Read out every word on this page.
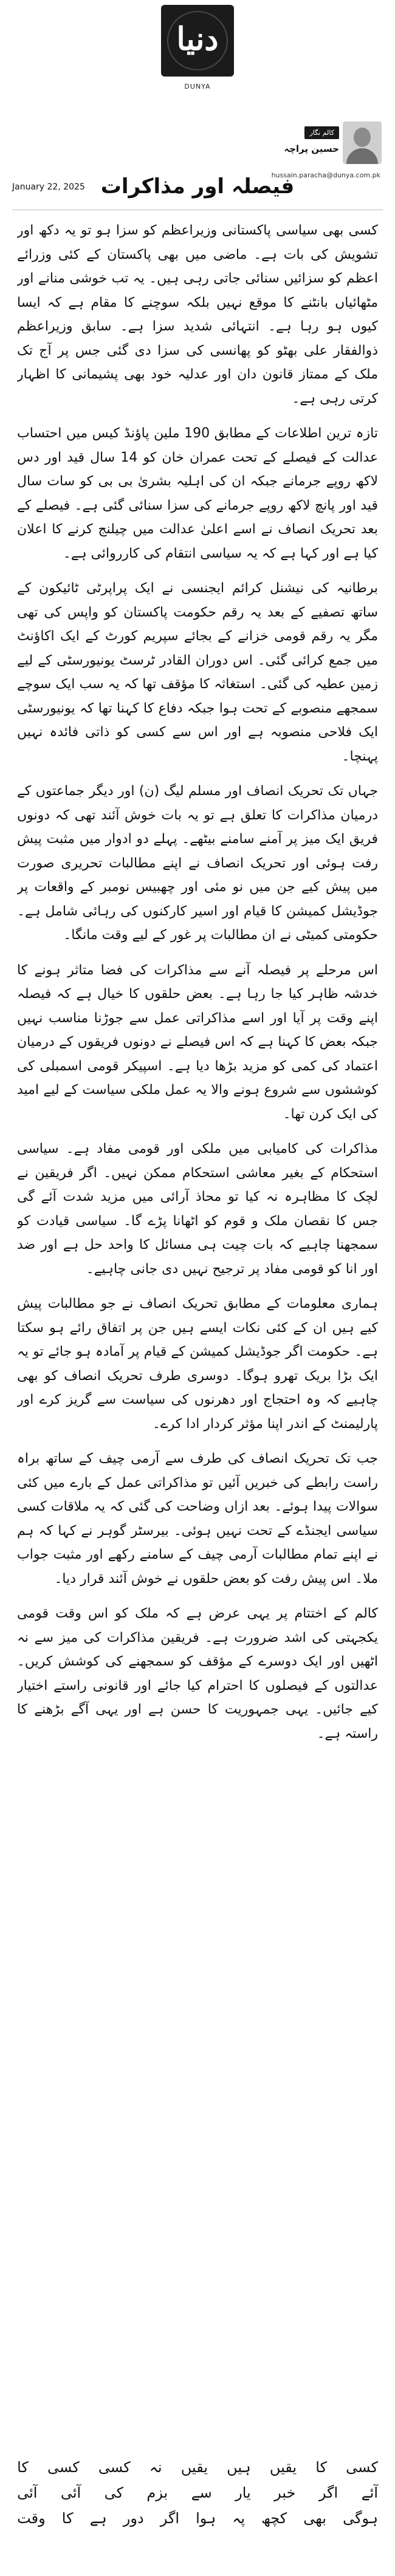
دنیا
DUNYA
کالم نگار
حسین پراچہ
hussain.paracha@dunya.com.pk
January 22, 2025 فیصلہ اور مذاکرات

کسی بھی سیاسی پاکستانی وزیراعظم کو سزا ہو تو یہ دکھ اور تشویش کی بات ہے۔ ماضی میں بھی پاکستان کے کئی وزرائے اعظم کو سزائیں سنائی جاتی رہی ہیں۔ یہ تب خوشی منانے اور مٹھائیاں بانٹنے کا موقع نہیں بلکہ سوچنے کا مقام ہے کہ ایسا کیوں ہو رہا ہے۔ انتہائی شدید سزا ہے۔ سابق وزیراعظم ذوالفقار علی بھٹو کو پھانسی کی سزا دی گئی جس پر آج تک ملک کے ممتاز قانون دان اور عدلیہ خود بھی پشیمانی کا اظہار کرتی رہی ہے۔

تازہ ترین اطلاعات کے مطابق 190 ملین پاؤنڈ کیس میں احتساب عدالت کے فیصلے کے تحت عمران خان کو 14 سال قید اور دس لاکھ روپے جرمانے جبکہ ان کی اہلیہ بشریٰ بی بی کو سات سال قید اور پانچ لاکھ روپے جرمانے کی سزا سنائی گئی ہے۔ فیصلے کے بعد تحریک انصاف نے اسے اعلیٰ عدالت میں چیلنج کرنے کا اعلان کیا ہے اور کہا ہے کہ یہ سیاسی انتقام کی کارروائی ہے۔

برطانیہ کی نیشنل کرائم ایجنسی نے ایک پراپرٹی ٹائیکون کے ساتھ تصفیے کے بعد یہ رقم حکومت پاکستان کو واپس کی تھی مگر یہ رقم قومی خزانے کے بجائے سپریم کورٹ کے ایک اکاؤنٹ میں جمع کرائی گئی۔ اس دوران القادر ٹرسٹ یونیورسٹی کے لیے زمین عطیہ کی گئی۔ استغاثہ کا مؤقف تھا کہ یہ سب ایک سوچے سمجھے منصوبے کے تحت ہوا جبکہ دفاع کا کہنا تھا کہ یونیورسٹی ایک فلاحی منصوبہ ہے اور اس سے کسی کو ذاتی فائدہ نہیں پہنچا۔

جہاں تک تحریک انصاف اور مسلم لیگ (ن) اور دیگر جماعتوں کے درمیان مذاکرات کا تعلق ہے تو یہ بات خوش آئند تھی کہ دونوں فریق ایک میز پر آمنے سامنے بیٹھے۔ پہلے دو ادوار میں مثبت پیش رفت ہوئی اور تحریک انصاف نے اپنے مطالبات تحریری صورت میں پیش کیے جن میں نو مئی اور چھبیس نومبر کے واقعات پر جوڈیشل کمیشن کا قیام اور اسیر کارکنوں کی رہائی شامل ہے۔ حکومتی کمیٹی نے ان مطالبات پر غور کے لیے وقت مانگا۔

اس مرحلے پر فیصلہ آنے سے مذاکرات کی فضا متاثر ہونے کا خدشہ ظاہر کیا جا رہا ہے۔ بعض حلقوں کا خیال ہے کہ فیصلہ اپنے وقت پر آیا اور اسے مذاکراتی عمل سے جوڑنا مناسب نہیں جبکہ بعض کا کہنا ہے کہ اس فیصلے نے دونوں فریقوں کے درمیان اعتماد کی کمی کو مزید بڑھا دیا ہے۔ اسپیکر قومی اسمبلی کی کوششوں سے شروع ہونے والا یہ عمل ملکی سیاست کے لیے امید کی ایک کرن تھا۔

مذاکرات کی کامیابی میں ملکی اور قومی مفاد ہے۔ سیاسی استحکام کے بغیر معاشی استحکام ممکن نہیں۔ اگر فریقین نے لچک کا مظاہرہ نہ کیا تو محاذ آرائی میں مزید شدت آئے گی جس کا نقصان ملک و قوم کو اٹھانا پڑے گا۔ سیاسی قیادت کو سمجھنا چاہیے کہ بات چیت ہی مسائل کا واحد حل ہے اور ضد اور انا کو قومی مفاد پر ترجیح نہیں دی جانی چاہیے۔

ہماری معلومات کے مطابق تحریک انصاف نے جو مطالبات پیش کیے ہیں ان کے کئی نکات ایسے ہیں جن پر اتفاق رائے ہو سکتا ہے۔ حکومت اگر جوڈیشل کمیشن کے قیام پر آمادہ ہو جائے تو یہ ایک بڑا بریک تھرو ہوگا۔ دوسری طرف تحریک انصاف کو بھی چاہیے کہ وہ احتجاج اور دھرنوں کی سیاست سے گریز کرے اور پارلیمنٹ کے اندر اپنا مؤثر کردار ادا کرے۔

جب تک تحریک انصاف کی طرف سے آرمی چیف کے ساتھ براہ راست رابطے کی خبریں آئیں تو مذاکراتی عمل کے بارے میں کئی سوالات پیدا ہوئے۔ بعد ازاں وضاحت کی گئی کہ یہ ملاقات کسی سیاسی ایجنڈے کے تحت نہیں ہوئی۔ بیرسٹر گوہر نے کہا کہ ہم نے اپنے تمام مطالبات آرمی چیف کے سامنے رکھے اور مثبت جواب ملا۔ اس پیش رفت کو بعض حلقوں نے خوش آئند قرار دیا۔

کالم کے اختتام پر یہی عرض ہے کہ ملک کو اس وقت قومی یکجہتی کی اشد ضرورت ہے۔ فریقین مذاکرات کی میز سے نہ اٹھیں اور ایک دوسرے کے مؤقف کو سمجھنے کی کوشش کریں۔ عدالتوں کے فیصلوں کا احترام کیا جائے اور قانونی راستے اختیار کیے جائیں۔ یہی جمہوریت کا حسن ہے اور یہی آگے بڑھنے کا راستہ ہے۔

کسی
کا
یقیں
ہیں
یقیں
نہ
کسی
کسی
کا
آئے
اگر
خبر
یار
سے
بزم
کی
آئی
آئی
ہوگی
بھی
کچھ
پہ
ہوا
اگر
دور
ہے
کا
وقت
